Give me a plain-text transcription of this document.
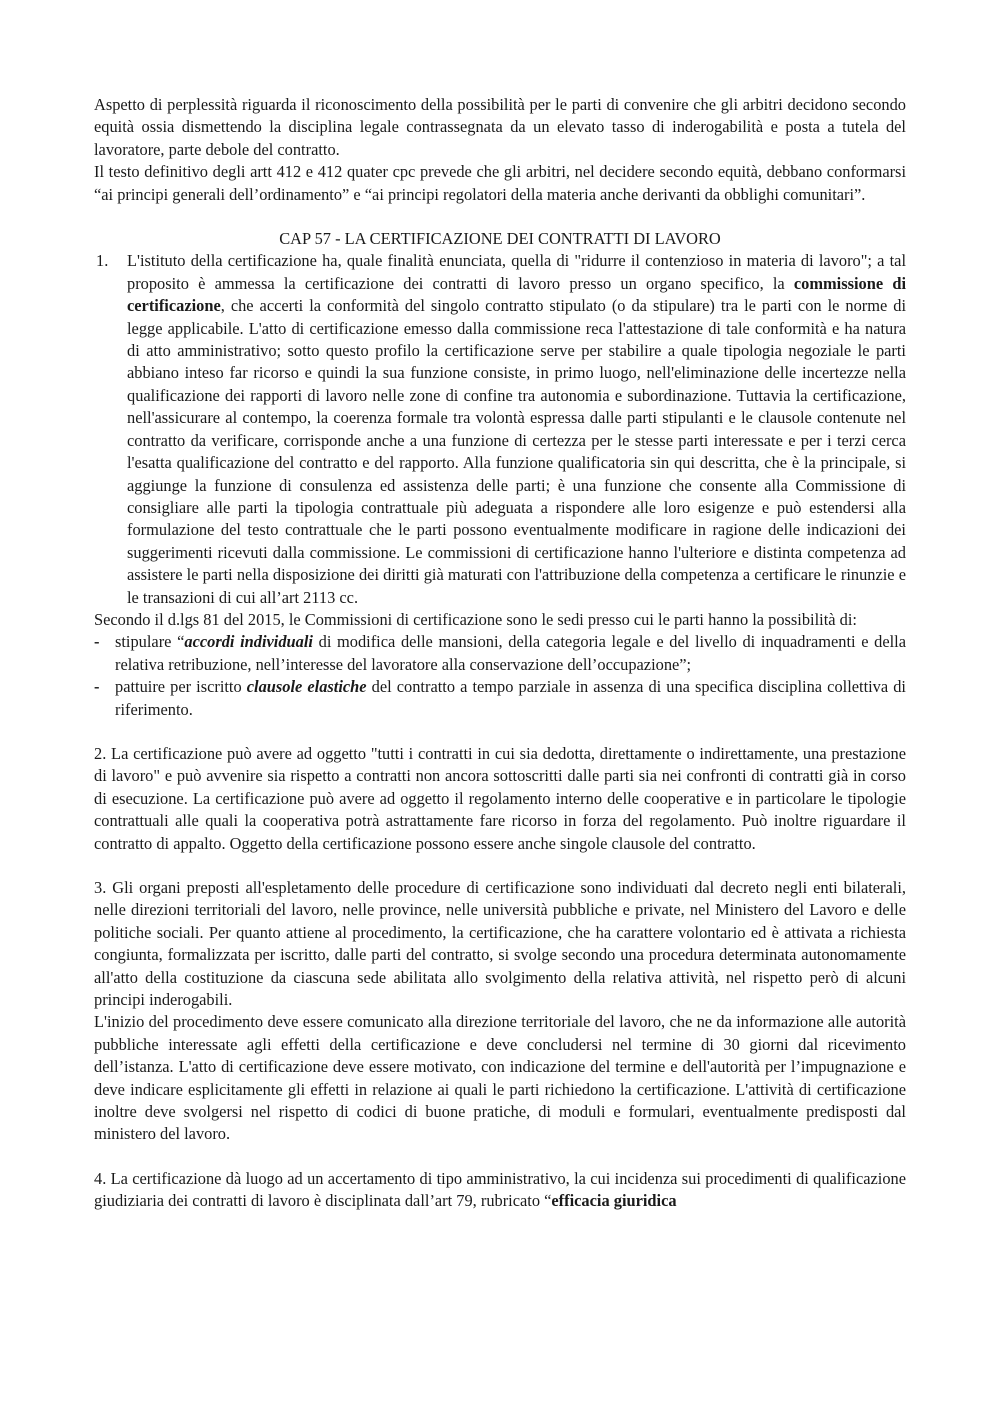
Aspetto di perplessità riguarda il riconoscimento della possibilità per le parti di convenire che gli arbitri decidono secondo equità ossia dismettendo la disciplina legale contrassegnata da un elevato tasso di inderogabilità e posta a tutela del lavoratore, parte debole del contratto.

Il testo definitivo degli artt 412 e 412 quater cpc prevede che gli arbitri, nel decidere secondo equità, debbano conformarsi “ai principi generali dell’ordinamento” e “ai principi regolatori della materia anche derivanti da obblighi comunitari”.

CAP 57 - LA CERTIFICAZIONE DEI CONTRATTI DI LAVORO

1. L'istituto della certificazione ha, quale finalità enunciata, quella di "ridurre il contenzioso in materia di lavoro"; a tal proposito è ammessa la certificazione dei contratti di lavoro presso un organo specifico, la commissione di certificazione, che accerti la conformità del singolo contratto stipulato (o da stipulare) tra le parti con le norme di legge applicabile. L'atto di certificazione emesso dalla commissione reca l'attestazione di tale conformità e ha natura di atto amministrativo; sotto questo profilo la certificazione serve per stabilire a quale tipologia negoziale le parti abbiano inteso far ricorso e quindi la sua funzione consiste, in primo luogo, nell'eliminazione delle incertezze nella qualificazione dei rapporti di lavoro nelle zone di confine tra autonomia e subordinazione. Tuttavia la certificazione, nell'assicurare al contempo, la coerenza formale tra volontà espressa dalle parti stipulanti e le clausole contenute nel contratto da verificare, corrisponde anche a una funzione di certezza per le stesse parti interessate e per i terzi cerca l'esatta qualificazione del contratto e del rapporto. Alla funzione qualificatoria sin qui descritta, che è la principale, si aggiunge la funzione di consulenza ed assistenza delle parti; è una funzione che consente alla Commissione di consigliare alle parti la tipologia contrattuale più adeguata a rispondere alle loro esigenze e può estendersi alla formulazione del testo contrattuale che le parti possono eventualmente modificare in ragione delle indicazioni dei suggerimenti ricevuti dalla commissione. Le commissioni di certificazione hanno l'ulteriore e distinta competenza ad assistere le parti nella disposizione dei diritti già maturati con l'attribuzione della competenza a certificare le rinunzie e le transazioni di cui all’art 2113 cc.

Secondo il d.lgs 81 del 2015, le Commissioni di certificazione sono le sedi presso cui le parti hanno la possibilità di:

- stipulare “accordi individuali di modifica delle mansioni, della categoria legale e del livello di inquadramenti e della relativa retribuzione, nell’interesse del lavoratore alla conservazione dell’occupazione”;

- pattuire per iscritto clausole elastiche del contratto a tempo parziale in assenza di una specifica disciplina collettiva di riferimento.

2. La certificazione può avere ad oggetto "tutti i contratti in cui sia dedotta, direttamente o indirettamente, una prestazione di lavoro" e può avvenire sia rispetto a contratti non ancora sottoscritti dalle parti sia nei confronti di contratti già in corso di esecuzione. La certificazione può avere ad oggetto il regolamento interno delle cooperative e in particolare le tipologie contrattuali alle quali la cooperativa potrà astrattamente fare ricorso in forza del regolamento. Può inoltre riguardare il contratto di appalto. Oggetto della certificazione possono essere anche singole clausole del contratto.

3. Gli organi preposti all'espletamento delle procedure di certificazione sono individuati dal decreto negli enti bilaterali, nelle direzioni territoriali del lavoro, nelle province, nelle università pubbliche e private, nel Ministero del Lavoro e delle politiche sociali. Per quanto attiene al procedimento, la certificazione, che ha carattere volontario ed è attivata a richiesta congiunta, formalizzata per iscritto, dalle parti del contratto, si svolge secondo una procedura determinata autonomamente all'atto della costituzione da ciascuna sede abilitata allo svolgimento della relativa attività, nel rispetto però di alcuni principi inderogabili.

L'inizio del procedimento deve essere comunicato alla direzione territoriale del lavoro, che ne da informazione alle autorità pubbliche interessate agli effetti della certificazione e deve concludersi nel termine di 30 giorni dal ricevimento dell’istanza. L'atto di certificazione deve essere motivato, con indicazione del termine e dell'autorità per l’impugnazione e deve indicare esplicitamente gli effetti in relazione ai quali le parti richiedono la certificazione. L'attività di certificazione inoltre deve svolgersi nel rispetto di codici di buone pratiche, di moduli e formulari, eventualmente predisposti dal ministero del lavoro.

4. La certificazione dà luogo ad un accertamento di tipo amministrativo, la cui incidenza sui procedimenti di qualificazione giudiziaria dei contratti di lavoro è disciplinata dall’art 79, rubricato “efficacia giuridica
